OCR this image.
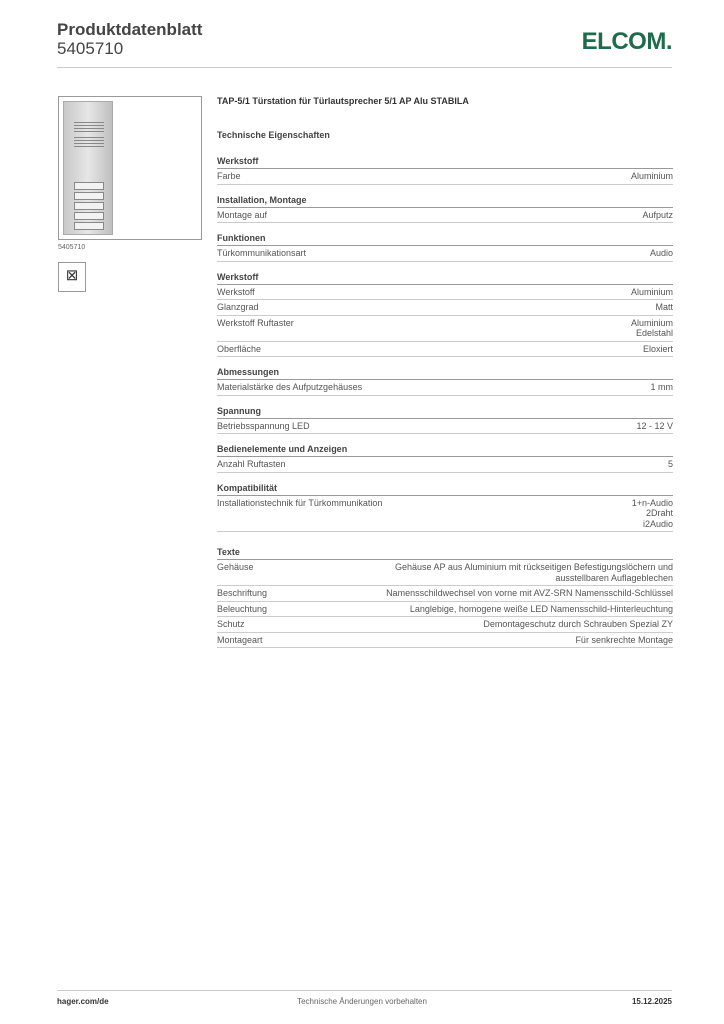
Produktdatenblatt
5405710	ELCOM.
5405710
⊠
TAP-5/1 Türstation für Türlautsprecher 5/1 AP Alu STABILA
Technische Eigenschaften
Werkstoff
Farbe	Aluminium
Installation, Montage
Montage auf	Aufputz
Funktionen
Türkommunikationsart	Audio
Werkstoff
Werkstoff	Aluminium
Glanzgrad	Matt
Werkstoff Ruftaster	Aluminium
Edelstahl
Oberfläche	Eloxiert
Abmessungen
Materialstärke des Aufputzgehäuses	1 mm
Spannung
Betriebsspannung LED	12 - 12 V
Bedienelemente und Anzeigen
Anzahl Ruftasten	5
Kompatibilität
Installationstechnik für Türkommunikation	1+n-Audio
2Draht
i2Audio
Texte
Gehäuse	Gehäuse AP aus Aluminium mit rückseitigen Befestigungslöchern und ausstellbaren Auflageblechen
Beschriftung	Namensschildwechsel von vorne mit AVZ-SRN Namensschild-Schlüssel
Beleuchtung	Langlebige, homogene weiße LED Namensschild-Hinterleuchtung
Schutz	Demontageschutz durch Schrauben Spezial ZY
Montageart	Für senkrechte Montage
hager.com/de	Technische Änderungen vorbehalten	15.12.2025
